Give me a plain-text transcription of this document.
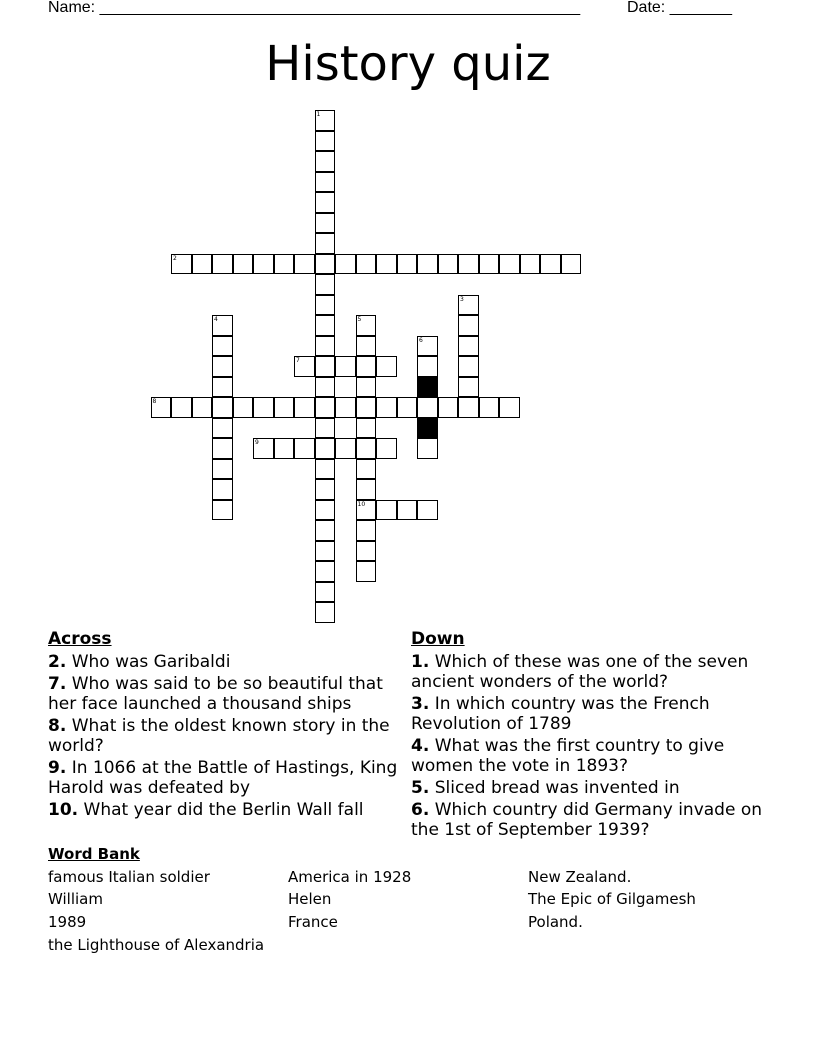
Name: ______________________________________________________	Date: _______
History quiz
1
2
3
4	5
10
6
7
8
9
Across
2. Who was Garibaldi
7. Who was said to be so beautiful that her face launched a thousand ships
8. What is the oldest known story in the world?
9. In 1066 at the Battle of Hastings, King Harold was defeated by
10. What year did the Berlin Wall fall
Down
1. Which of these was one of the seven ancient wonders of the world?
3. In which country was the French Revolution of 1789
4. What was the first country to give women the vote in 1893?
5. Sliced bread was invented in
6. Which country did Germany invade on the 1st of September 1939?
Word Bank
famous Italian soldier	America in 1928	New Zealand.
William	Helen	The Epic of Gilgamesh
1989	France	Poland.
the Lighthouse of Alexandria
